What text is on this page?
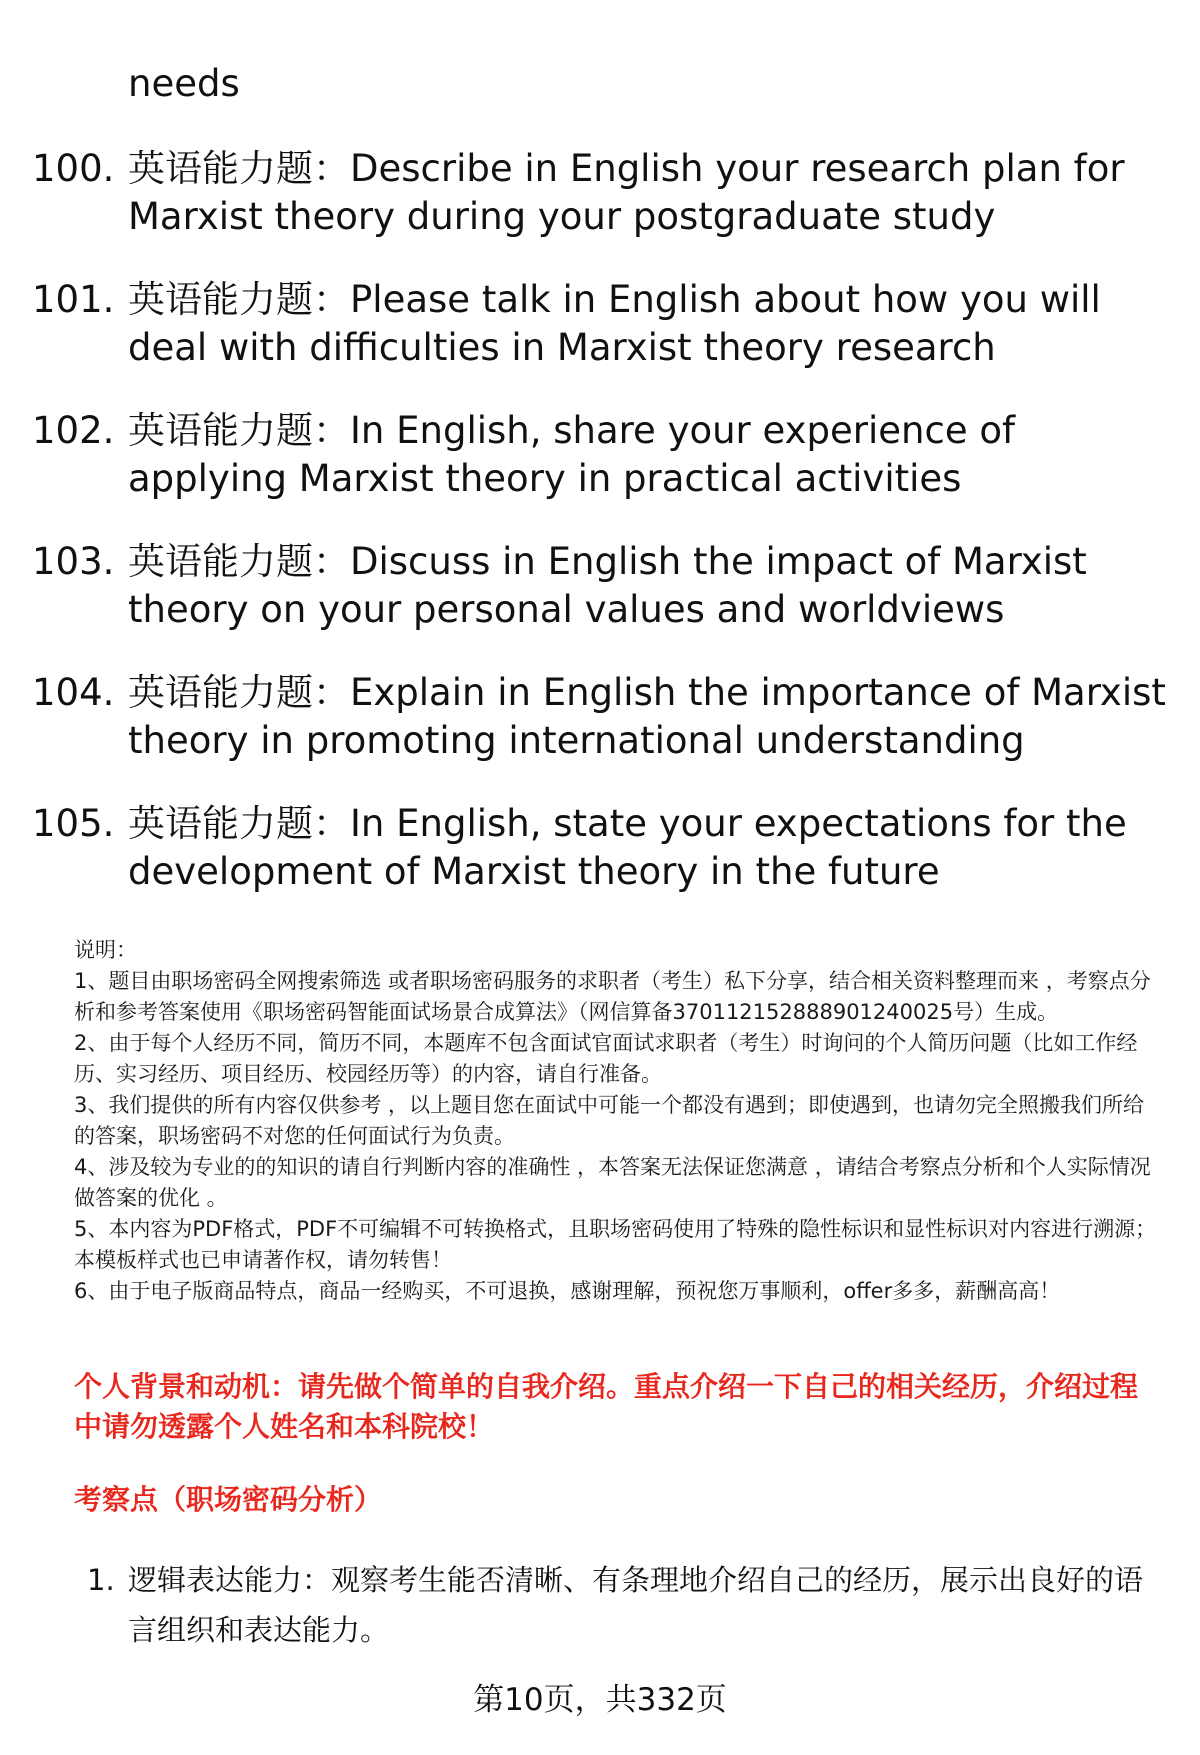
needs
100. 英语能力题：Describe in English your research plan for Marxist theory during your postgraduate study
101. 英语能力题：Please talk in English about how you will deal with difficulties in Marxist theory research
102. 英语能力题：In English, share your experience of applying Marxist theory in practical activities
103. 英语能力题：Discuss in English the impact of Marxist theory on your personal values and worldviews
104. 英语能力题：Explain in English the importance of Marxist theory in promoting international understanding
105. 英语能力题：In English, state your expectations for the development of Marxist theory in the future

说明：

1、题目由职场密码全网搜索筛选 或者职场密码服务的求职者（考生）私下分享，结合相关资料整理而来 ，考察点分析和参考答案使用《职场密码智能面试场景合成算法》（网信算备370112152888901240025号）生成。

2、由于每个人经历不同，简历不同，本题库不包含面试官面试求职者（考生）时询问的个人简历问题（比如工作经历、实习经历、项目经历、校园经历等）的内容，请自行准备。

3、我们提供的所有内容仅供参考 ，以上题目您在面试中可能一个都没有遇到；即使遇到，也请勿完全照搬我们所给的答案，职场密码不对您的任何面试行为负责。

4、涉及较为专业的的知识的请自行判断内容的准确性 ，本答案无法保证您满意 ，请结合考察点分析和个人实际情况做答案的优化 。

5、本内容为PDF格式，PDF不可编辑不可转换格式，且职场密码使用了特殊的隐性标识和显性标识对内容进行溯源；本模板样式也已申请著作权，请勿转售！

6、由于电子版商品特点，商品一经购买，不可退换，感谢理解，预祝您万事顺利，offer多多，薪酬高高！

个人背景和动机：请先做个简单的自我介绍。重点介绍一下自己的相关经历，介绍过程中请勿透露个人姓名和本科院校！

考察点（职场密码分析）

1. 逻辑表达能力：观察考生能否清晰、有条理地介绍自己的经历，展示出良好的语言组织和表达能力。
第10页，共332页
